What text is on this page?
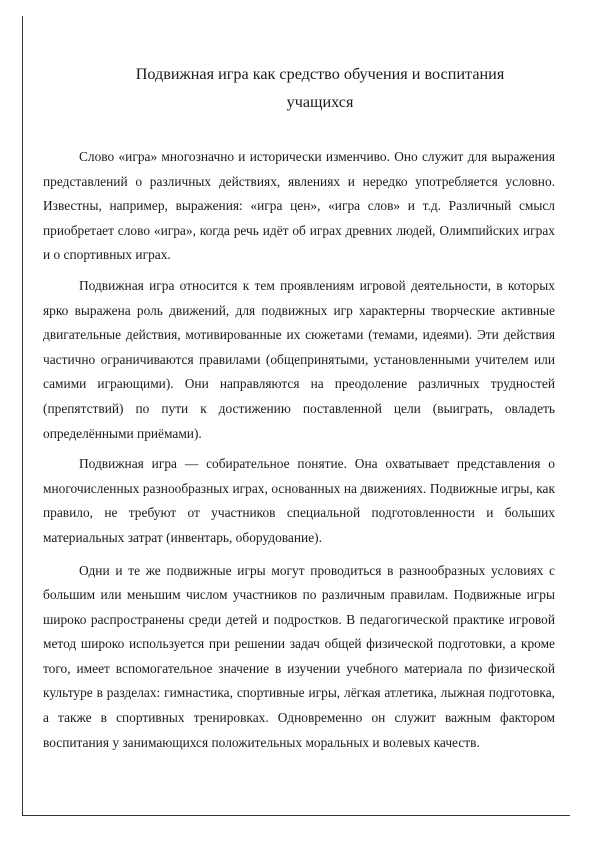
Подвижная игра как средство обучения и воспитания
учащихся

Слово «игра» многозначно и исторически изменчиво. Оно служит для выражения представлений о различных действиях, явлениях и нередко употребляется условно. Известны, например, выражения: «игра цен», «игра слов» и т.д. Различный смысл приобретает слово «игра», когда речь идёт об играх древних людей, Олимпийских играх и о спортивных играх.

Подвижная игра относится к тем проявлениям игровой деятельности, в которых ярко выражена роль движений, для подвижных игр характерны творческие активные двигательные действия, мотивированные их сюжетами (темами, идеями). Эти действия частично ограничиваются правилами (общепринятыми, установленными учителем или самими играющими). Они направляются на преодоление различных трудностей (препятствий) по пути к достижению поставленной цели (выиграть, овладеть определёнными приёмами).

Подвижная игра — собирательное понятие. Она охватывает представления о многочисленных разнообразных играх, основанных на движениях. Подвижные игры, как правило, не требуют от участников специальной подготовленности и больших материальных затрат (инвентарь, оборудование).

Одни и те же подвижные игры могут проводиться в разнообразных условиях с большим или меньшим числом участников по различным правилам. Подвижные игры широко распространены среди детей и подростков. В педагогической практике игровой метод широко используется при решении задач общей физической подготовки, а кроме того, имеет вспомогательное значение в изучении учебного материала по физической культуре в разделах: гимнастика, спортивные игры, лёгкая атлетика, лыжная подготовка, а также в спортивных тренировках. Одновременно он служит важным фактором воспитания у занимающихся положительных моральных и волевых качеств.
